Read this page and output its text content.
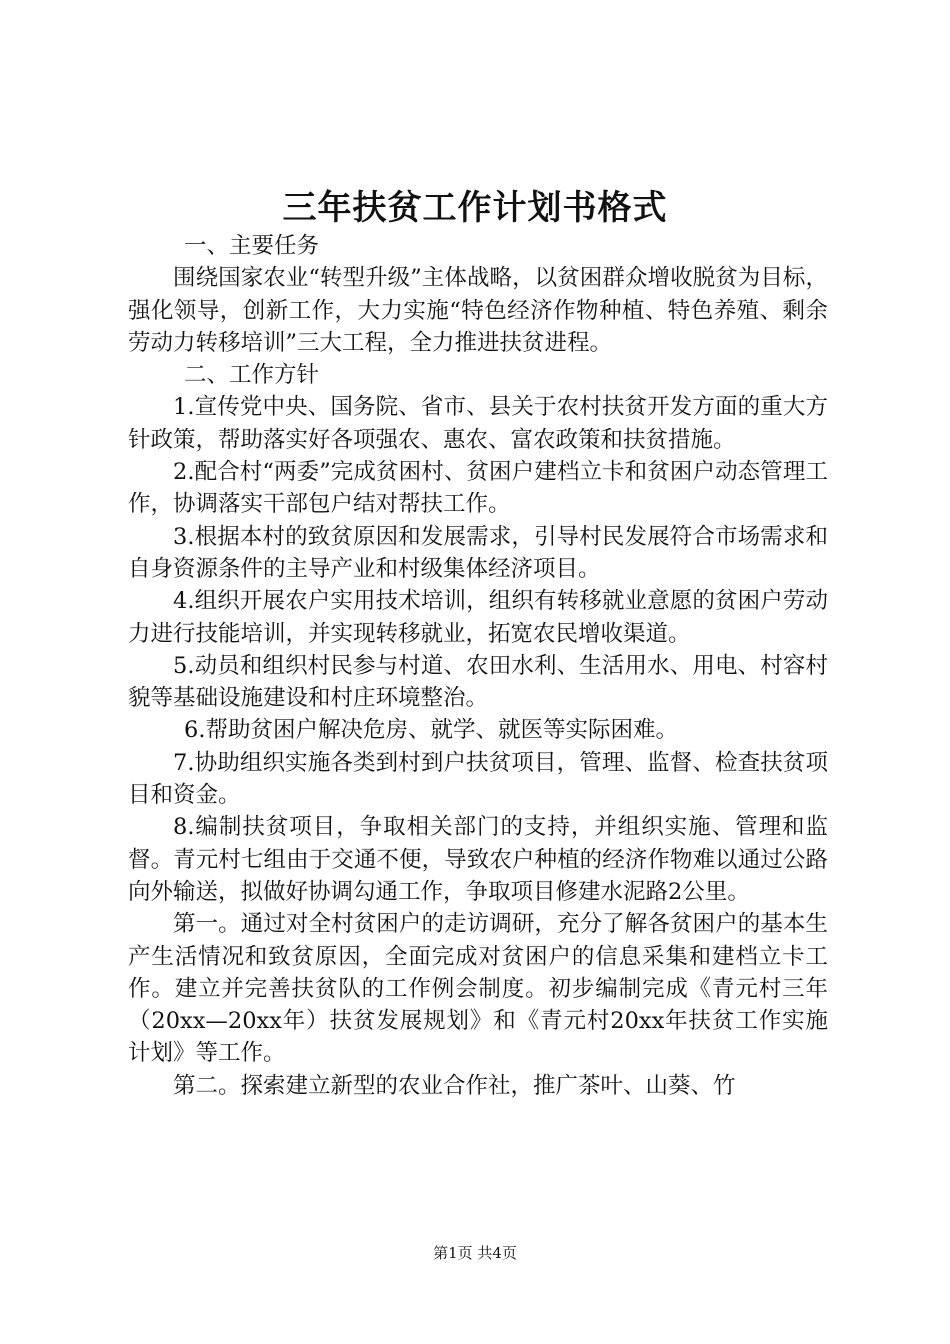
三年扶贫工作计划书格式

一、主要任务

围绕国家农业“转型升级”主体战略，以贫困群众增收脱贫为目标，强化领导，创新工作，大力实施“特色经济作物种植、特色养殖、剩余劳动力转移培训”三大工程，全力推进扶贫进程。

二、工作方针

1.宣传党中央、国务院、省市、县关于农村扶贫开发方面的重大方针政策，帮助落实好各项强农、惠农、富农政策和扶贫措施。

2.配合村“两委”完成贫困村、贫困户建档立卡和贫困户动态管理工作，协调落实干部包户结对帮扶工作。

3.根据本村的致贫原因和发展需求，引导村民发展符合市场需求和自身资源条件的主导产业和村级集体经济项目。

4.组织开展农户实用技术培训，组织有转移就业意愿的贫困户劳动力进行技能培训，并实现转移就业，拓宽农民增收渠道。

5.动员和组织村民参与村道、农田水利、生活用水、用电、村容村貌等基础设施建设和村庄环境整治。

6.帮助贫困户解决危房、就学、就医等实际困难。

7.协助组织实施各类到村到户扶贫项目，管理、监督、检查扶贫项目和资金。

8.编制扶贫项目，争取相关部门的支持，并组织实施、管理和监督。青元村七组由于交通不便，导致农户种植的经济作物难以通过公路向外输送，拟做好协调勾通工作，争取项目修建水泥路2公里。

第一。通过对全村贫困户的走访调研，充分了解各贫困户的基本生产生活情况和致贫原因，全面完成对贫困户的信息采集和建档立卡工作。建立并完善扶贫队的工作例会制度。初步编制完成《青元村三年（20xx—20xx年）扶贫发展规划》和《青元村20xx年扶贫工作实施计划》等工作。

第二。探索建立新型的农业合作社，推广茶叶、山葵、竹

第1页 共4页
